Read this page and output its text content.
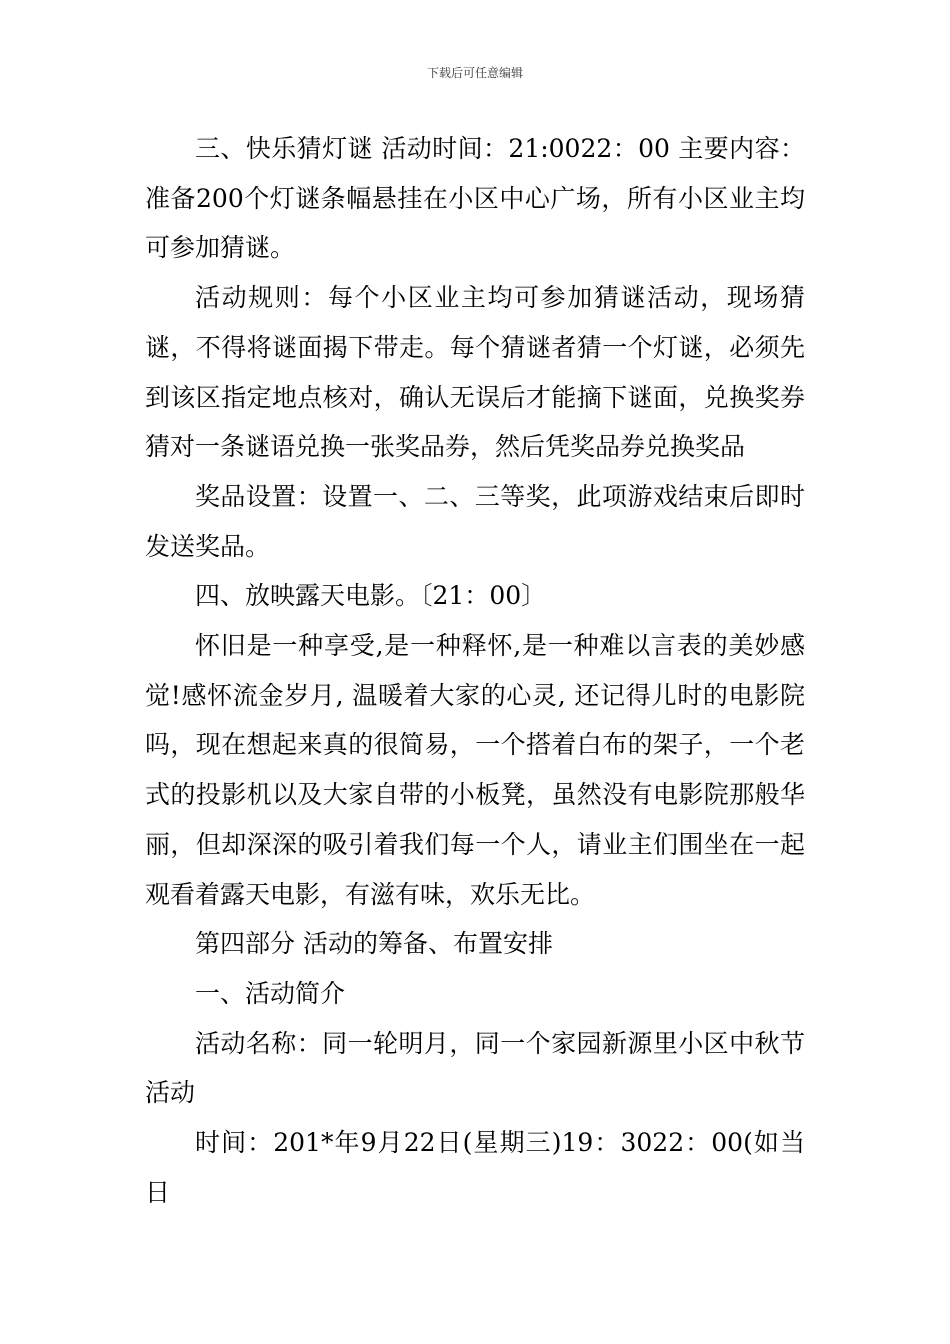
下载后可任意编辑

三、快乐猜灯谜 活动时间：21:0022：00 主要内容：准备200个灯谜条幅悬挂在小区中心广场，所有小区业主均可参加猜谜。

活动规则：每个小区业主均可参加猜谜活动，现场猜谜，不得将谜面揭下带走。每个猜谜者猜一个灯谜，必须先到该区指定地点核对，确认无误后才能摘下谜面，兑换奖券猜对一条谜语兑换一张奖品券，然后凭奖品券兑换奖品

奖品设置：设置一、二、三等奖，此项游戏结束后即时发送奖品。

四、放映露天电影。〔21：00〕

怀旧是一种享受,是一种释怀,是一种难以言表的美妙感觉!感怀流金岁月, 温暖着大家的心灵, 还记得儿时的电影院吗，现在想起来真的很简易，一个搭着白布的架子，一个老式的投影机以及大家自带的小板凳，虽然没有电影院那般华丽，但却深深的吸引着我们每一个人，请业主们围坐在一起观看着露天电影，有滋有味，欢乐无比。

第四部分 活动的筹备、布置安排

一、活动简介

活动名称：同一轮明月，同一个家园新源里小区中秋节活动

时间：201*年9月22日(星期三)19：3022：00(如当日
